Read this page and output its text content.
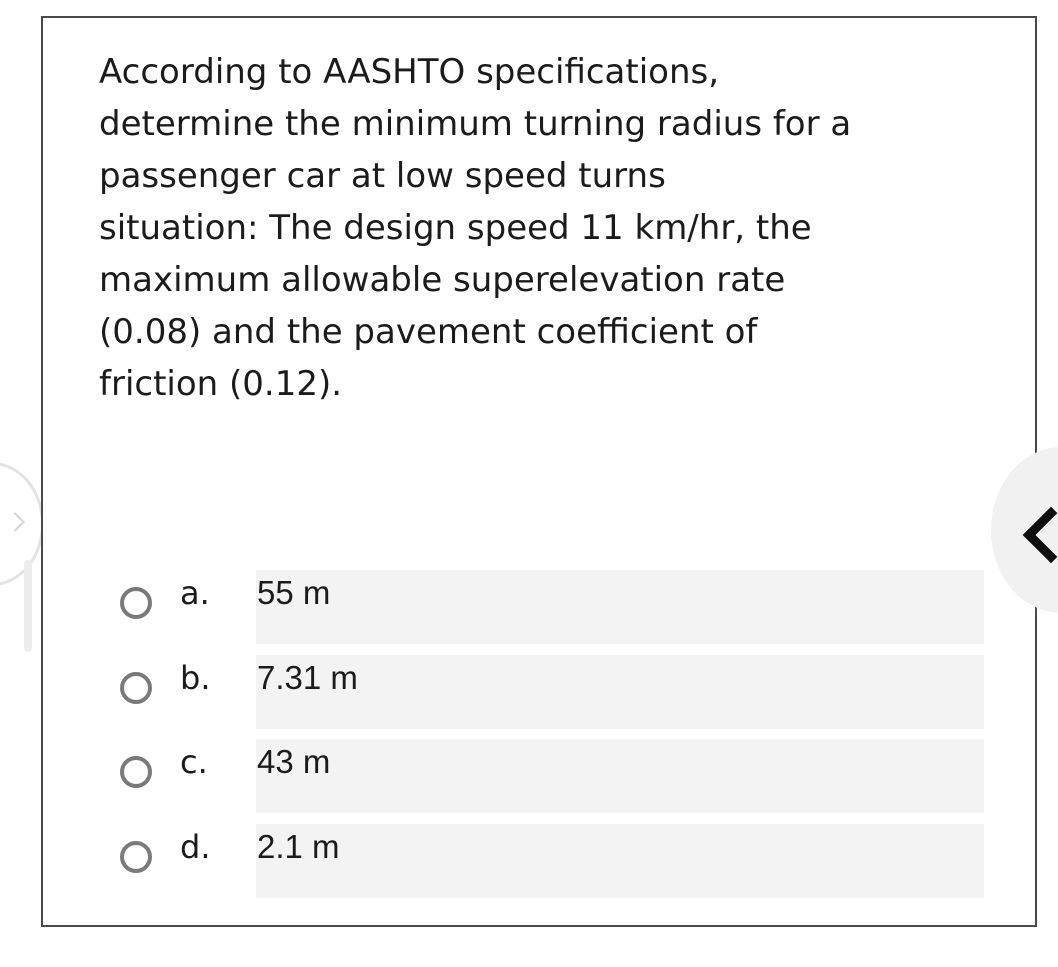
According to AASHTO specifications,
determine the minimum turning radius for a
passenger car at low speed turns
situation: The design speed 11 km/hr, the
maximum allowable superelevation rate
(0.08) and the pavement coefficient of
friction (0.12).

a. 55 m
b. 7.31 m
c. 43 m
d. 2.1 m
